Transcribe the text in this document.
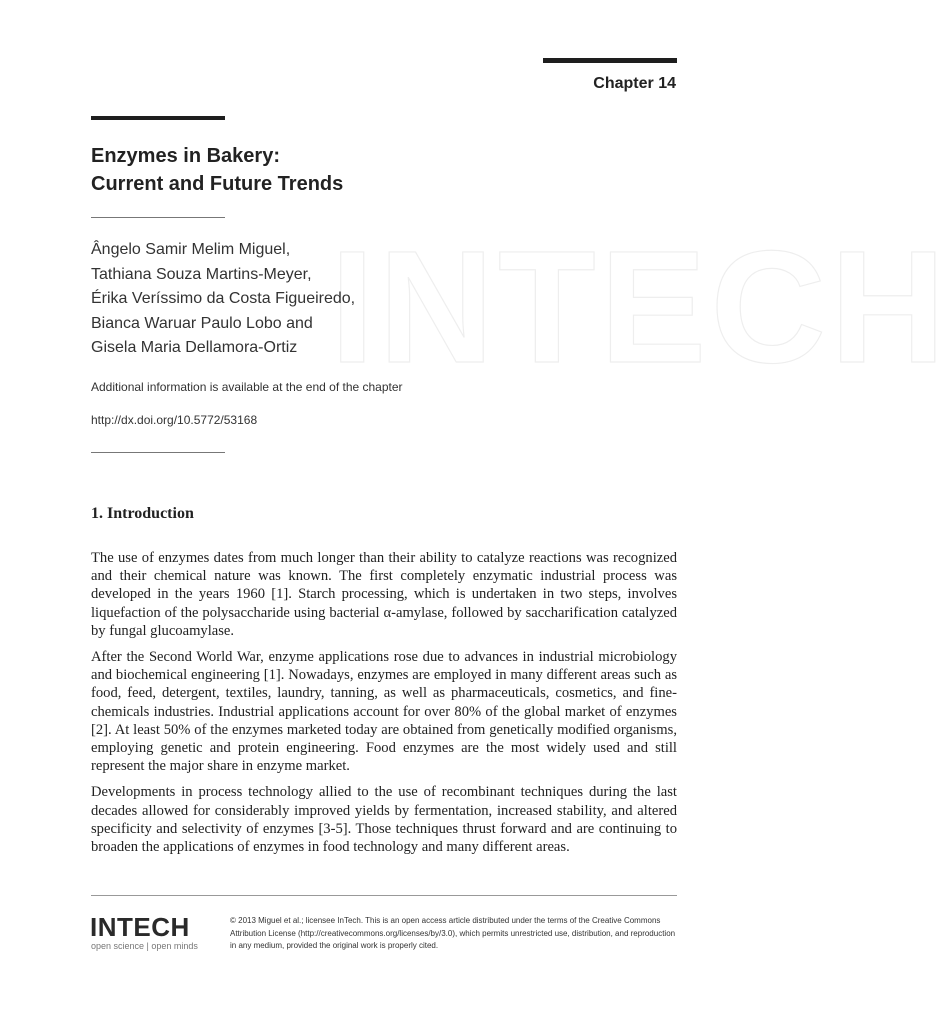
INTECH
Chapter 14
Enzymes in Bakery:
Current and Future Trends
Ângelo Samir Melim Miguel,
Tathiana Souza Martins-Meyer,
Érika Veríssimo da Costa Figueiredo,
Bianca Waruar Paulo Lobo and
Gisela Maria Dellamora-Ortiz
Additional information is available at the end of the chapter
http://dx.doi.org/10.5772/53168
1. Introduction

The use of enzymes dates from much longer than their ability to catalyze reactions was recognized and their chemical nature was known. The first completely enzymatic industrial process was developed in the years 1960 [1]. Starch processing, which is undertaken in two steps, involves liquefaction of the polysaccharide using bacterial α-amylase, followed by saccharification catalyzed by fungal glucoamylase.

After the Second World War, enzyme applications rose due to advances in industrial microbiology and biochemical engineering [1]. Nowadays, enzymes are employed in many different areas such as food, feed, detergent, textiles, laundry, tanning, as well as pharmaceuticals, cosmetics, and fine-chemicals industries. Industrial applications account for over 80% of the global market of enzymes [2]. At least 50% of the enzymes marketed today are obtained from genetically modified organisms, employing genetic and protein engineering. Food enzymes are the most widely used and still represent the major share in enzyme market.

Developments in process technology allied to the use of recombinant techniques during the last decades allowed for considerably improved yields by fermentation, increased stability, and altered specificity and selectivity of enzymes [3-5]. Those techniques thrust forward and are continuing to broaden the applications of enzymes in food technology and many different areas.

INTECH
open science | open minds
© 2013 Miguel et al.; licensee InTech. This is an open access article distributed under the terms of the Creative Commons Attribution License (http://creativecommons.org/licenses/by/3.0), which permits unrestricted use, distribution, and reproduction in any medium, provided the original work is properly cited.
